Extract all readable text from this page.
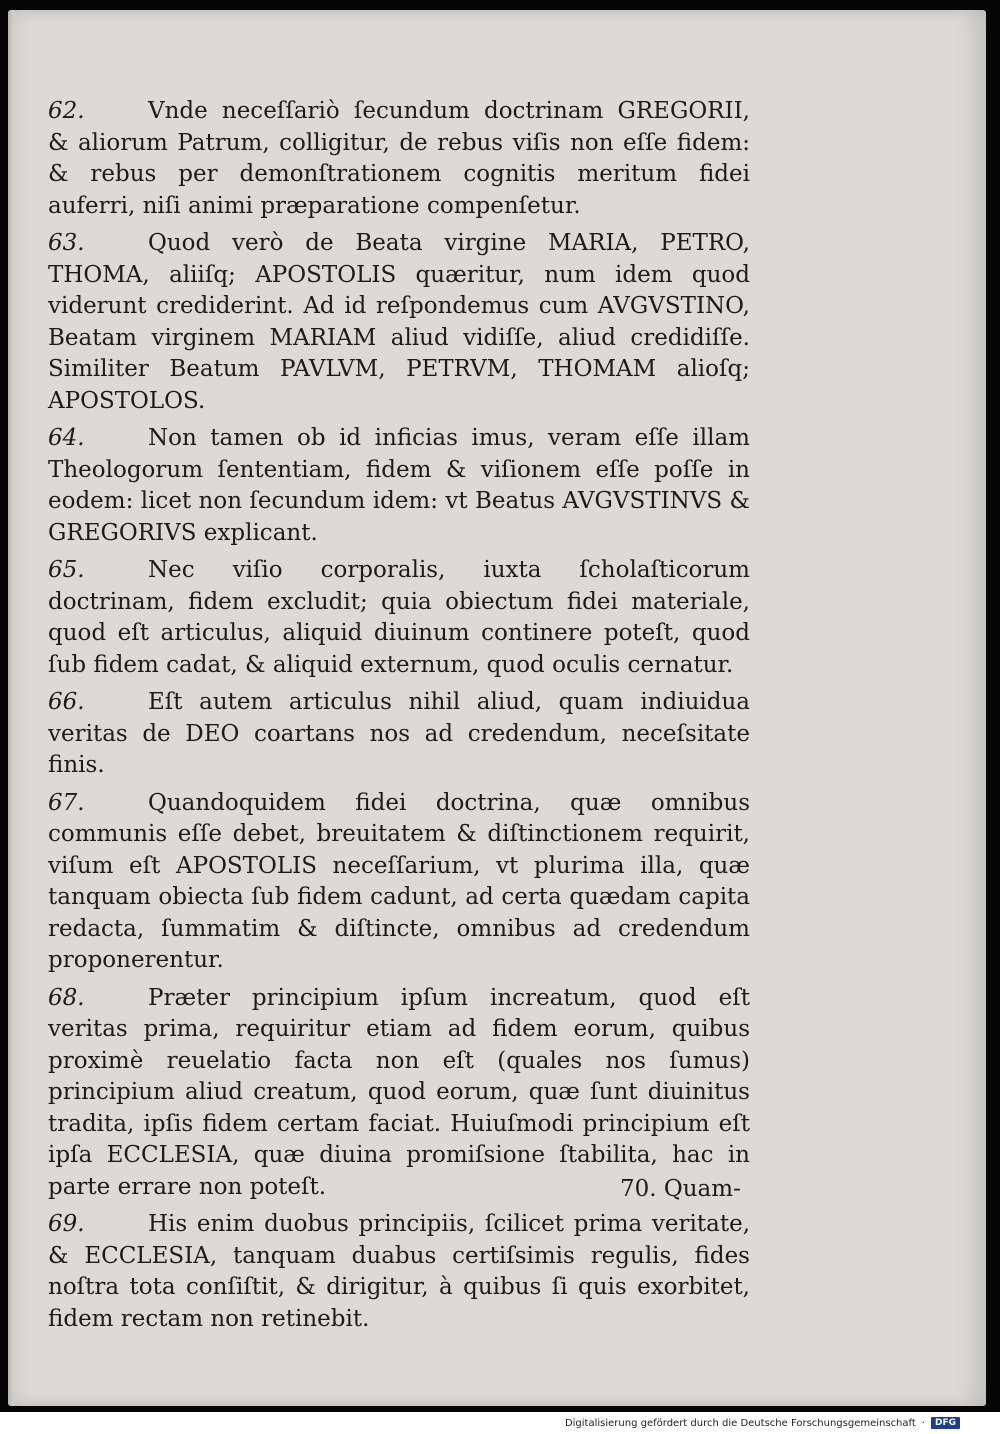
62.	Vnde neceſſariò ſecundum doctrinam GREGORII, & aliorum Patrum, colligitur, de rebus viſis non eſſe fidem: & rebus per demonſtrationem cognitis meritum fidei auferri, niſi animi præparatione compenſetur.

63.	Quod verò de Beata virgine MARIA, PETRO, THOMA, aliiſq; APOSTOLIS quæritur, num idem quod viderunt crediderint. Ad id reſpondemus cum AVGVSTINO, Beatam virginem MARIAM aliud vidiſſe, aliud credidiſſe. Similiter Beatum PAVLVM, PETRVM, THOMAM alioſq; APOSTOLOS.

64.	Non tamen ob id inficias imus, veram eſſe illam Theologorum ſententiam, fidem & viſionem eſſe poſſe in eodem: licet non ſecundum idem: vt Beatus AVGVSTINVS & GREGORIVS explicant.

65.	Nec viſio corporalis, iuxta ſcholaſticorum doctrinam, fidem excludit; quia obiectum fidei materiale, quod eſt articulus, aliquid diuinum continere poteſt, quod ſub fidem cadat, & aliquid externum, quod oculis cernatur.

66.	Eſt autem articulus nihil aliud, quam indiuidua veritas de DEO coartans nos ad credendum, neceſsitate finis.

67.	Quandoquidem fidei doctrina, quæ omnibus communis eſſe debet, breuitatem & diſtinctionem requirit, viſum eſt APOSTOLIS neceſſarium, vt plurima illa, quæ tanquam obiecta ſub fidem cadunt, ad certa quædam capita redacta, ſummatim & diſtincte, omnibus ad credendum proponerentur.

68.	Præter principium ipſum increatum, quod eſt veritas prima, requiritur etiam ad fidem eorum, quibus proximè reuelatio facta non eſt (quales nos ſumus) principium aliud creatum, quod eorum, quæ ſunt diuinitus tradita, ipſis fidem certam faciat. Huiuſmodi principium eſt ipſa ECCLESIA, quæ diuina promiſsione ſtabilita, hac in parte errare non poteſt.

69.	His enim duobus principiis, ſcilicet prima veritate, & ECCLESIA, tanquam duabus certiſsimis regulis, fides noſtra tota conſiſtit, & dirigitur, à quibus ſi quis exorbitet, fidem rectam non retinebit.

70. Quam-
Digitalisierung gefördert durch die Deutsche Forschungsgemeinschaft ·	DFG
